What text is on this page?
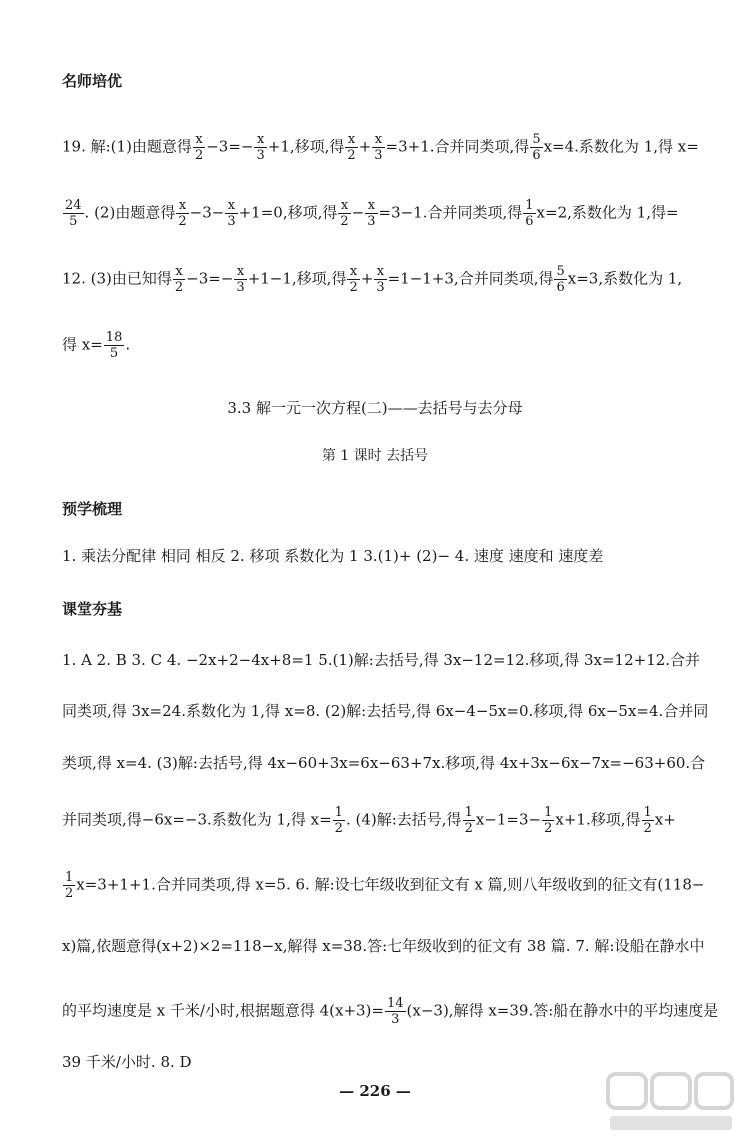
名师培优
19. 解:(1)由题意得 $\frac{x}{2} -3=- \frac{x}{3} +1$,移项,得 $\frac{x}{2} + \frac{x}{3} =3+1$.合并同类项,得 $\frac{5}{6} x=4$.系数化为 1,得 x=
$\frac{24}{5}$ . (2)由题意得 $\frac{x}{2} -3- \frac{x}{3} +1=0$,移项,得 $\frac{x}{2} - \frac{x}{3} =3-1$.合并同类项,得 $\frac{1}{6} x=2$,系数化为 1,得=
12. (3)由已知得 $\frac{x}{2} -3=- \frac{x}{3} +1-1$,移项,得 $\frac{x}{2} + \frac{x}{3} =1-1+3$,合并同类项,得 $\frac{5}{6} x=3$,系数化为 1,
得 $x= \frac{18}{5}$ .
3.3 解一元一次方程(二)——去括号与去分母
第 1 课时 去括号
预学梳理
1. 乘法分配律 相同 相反 2. 移项 系数化为 1 3.(1)+ (2)− 4. 速度 速度和 速度差
课堂夯基
1. A 2. B 3. C 4. −2x+2−4x+8=1 5.(1)解:去括号,得 3x−12=12.移项,得 3x=12+12.合并
同类项,得 3x=24.系数化为 1,得 x=8. (2)解:去括号,得 6x−4−5x=0.移项,得 6x−5x=4.合并同
类项,得 x=4. (3)解:去括号,得 4x−60+3x=6x−63+7x.移项,得 4x+3x−6x−7x=−63+60.合
并同类项,得−6x=−3.系数化为 1,得 $x= \frac{1}{2}$ . (4)解:去括号,得 $\frac{1}{2} x-1=3- \frac{1}{2} x+1$.移项,得 $\frac{1}{2} x+$
$\frac{1}{2} x=3+1+1$.合并同类项,得 x=5. 6. 解:设七年级收到征文有 x 篇,则八年级收到的征文有(118−
x)篇,依题意得(x+2)×2=118−x,解得 x=38.答:七年级收到的征文有 38 篇. 7. 解:设船在静水中
的平均速度是 x 千米/小时,根据题意得 $4(x+3)= \frac{14}{3} (x-3)$,解得 x=39.答:船在静水中的平均速度是
39 千米/小时. 8. D
— 226 —
